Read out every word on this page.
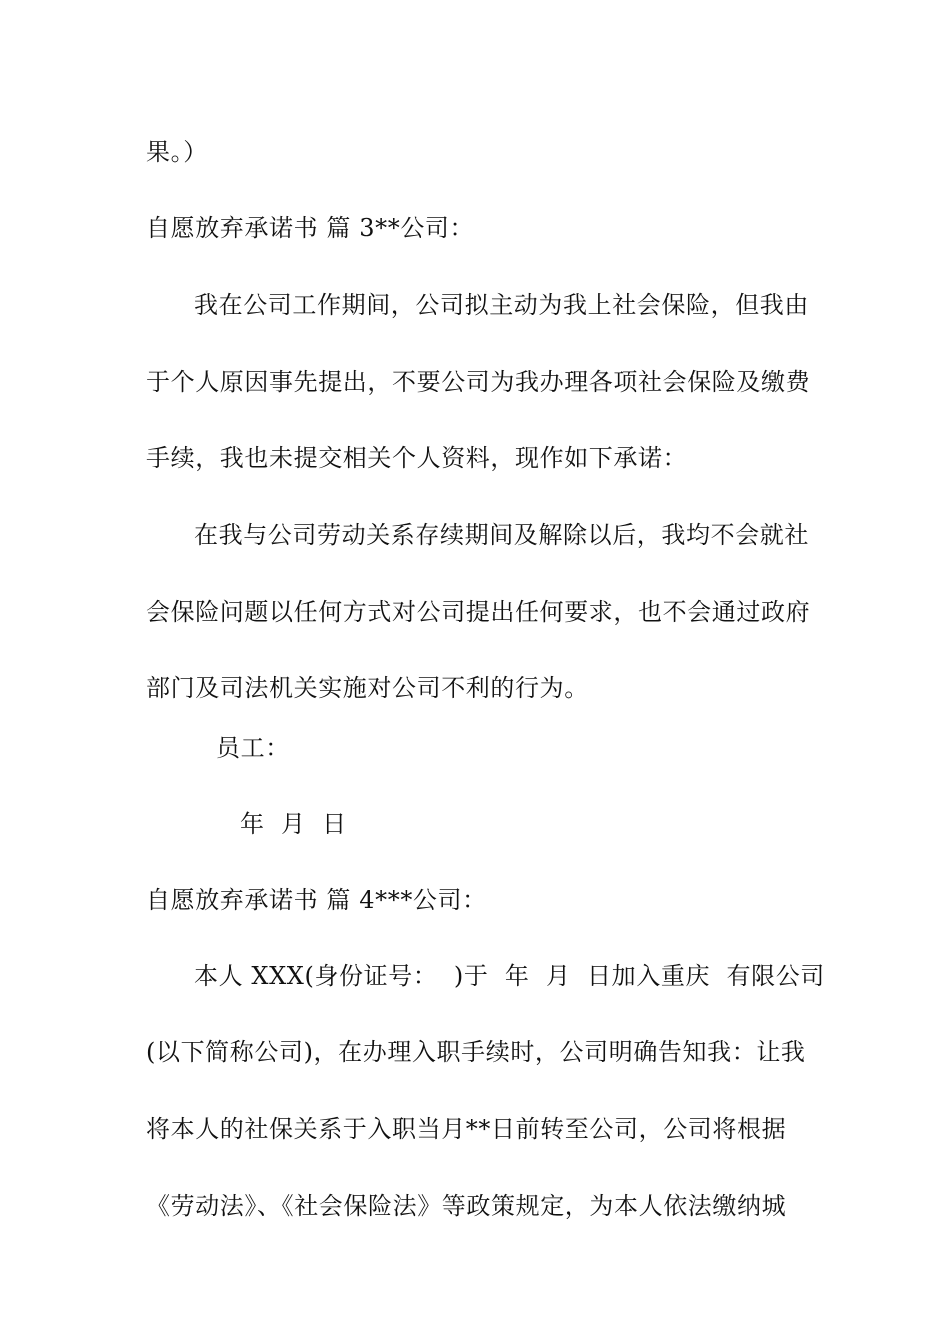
果。）
自愿放弃承诺书 篇 3**公司：
我在公司工作期间，公司拟主动为我上社会保险，但我由
于个人原因事先提出，不要公司为我办理各项社会保险及缴费
手续，我也未提交相关个人资料，现作如下承诺：
在我与公司劳动关系存续期间及解除以后，我均不会就社
会保险问题以任何方式对公司提出任何要求，也不会通过政府
部门及司法机关实施对公司不利的行为。
员工：
年  月  日
自愿放弃承诺书 篇 4***公司：
本人 XXX(身份证号：  )于  年  月  日加入重庆  有限公司
(以下简称公司)，在办理入职手续时，公司明确告知我：让我
将本人的社保关系于入职当月**日前转至公司，公司将根据
《劳动法》、《社会保险法》等政策规定，为本人依法缴纳城
